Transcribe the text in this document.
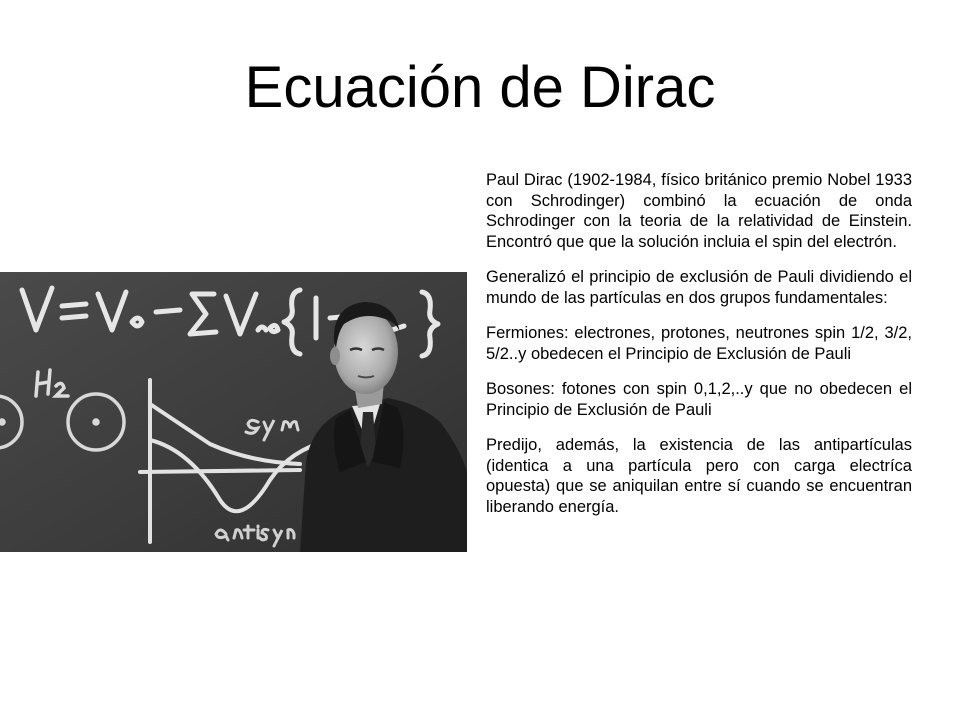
Ecuación de Dirac

Paul Dirac (1902-1984, físico británico premio Nobel 1933 con Schrodinger) combinó la ecuación de onda Schrodinger con la teoria de la relatividad de Einstein. Encontró que que la solución incluia el spin del electrón.

Generalizó el principio de exclusión de Pauli dividiendo el mundo de las partículas en dos grupos fundamentales:

Fermiones: electrones, protones, neutrones spin 1/2, 3/2, 5/2..y obedecen el Principio de Exclusión de Pauli

Bosones: fotones con spin 0,1,2,..y que no obedecen el Principio de Exclusión de Pauli

Predijo, además, la existencia de las antipartículas (identica a una partícula pero con carga electríca opuesta) que se aniquilan entre sí cuando se encuentran liberando energía.
